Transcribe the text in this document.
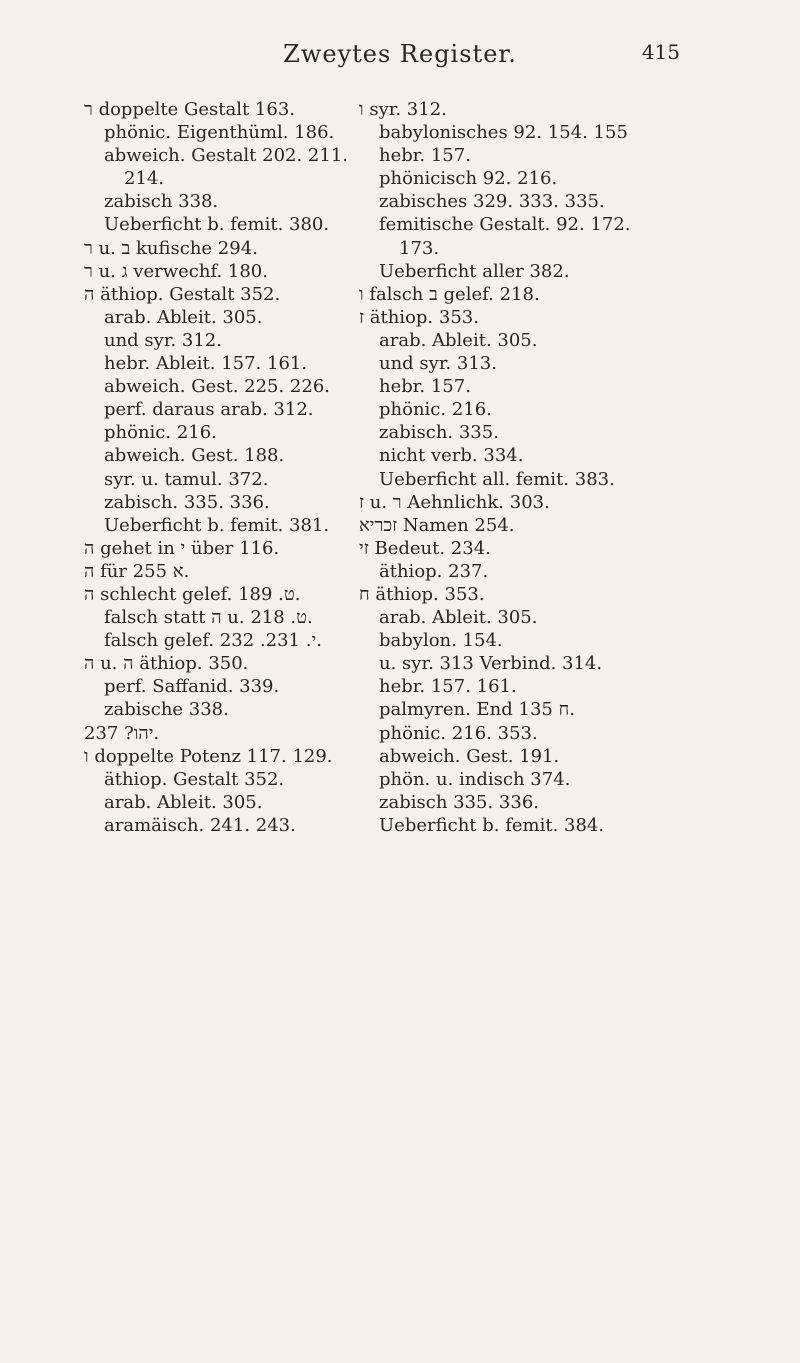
Zweytes Register.	415
ר doppelte Gestalt 163.
phönic. Eigenthüml. 186.
abweich. Gestalt 202. 211.
214.
zabisch 338.
Ueberficht b. femit. 380.
ר u. ב kufische 294.
ר u. ג verwechf. 180.
ה äthiop. Gestalt 352.
arab. Ableit. 305.
und syr. 312.
hebr. Ableit. 157. 161.
abweich. Gest. 225. 226.
perf. daraus arab. 312.
phönic. 216.
abweich. Gest. 188.
syr. u. tamul. 372.
zabisch. 335. 336.
Ueberficht b. femit. 381.
ה gehet in י über 116.
ה für א 255.
ה schlecht gelef. ט. 189.
falsch statt ה u. ט. 218.
falsch gelef. י. 231. 232.
ה u. ה äthiop. 350.
perf. Saffanid. 339.
zabische 338.
יהו? 237.
ו doppelte Potenz 117. 129.
äthiop. Gestalt 352.
arab. Ableit. 305.
aramäisch. 241. 243.
ו syr. 312.
babylonisches 92. 154. 155
hebr. 157.
phönicisch 92. 216.
zabisches 329. 333. 335.
femitische Gestalt. 92. 172.
173.
Ueberficht aller 382.
ו falsch ב gelef. 218.
ז äthiop. 353.
arab. Ableit. 305.
und syr. 313.
hebr. 157.
phönic. 216.
zabisch. 335.
nicht verb. 334.
Ueberficht all. femit. 383.
ז u. ר Aehnlichk. 303.
זכריא Namen 254.
זי Bedeut. 234.
äthiop. 237.
ח äthiop. 353.
arab. Ableit. 305.
babylon. 154.
u. syr. 313 Verbind. 314.
hebr. 157. 161.
palmyren. End ח 135.
phönic. 216. 353.
abweich. Gest. 191.
phön. u. indisch 374.
zabisch 335. 336.
Ueberficht b. femit. 384.
